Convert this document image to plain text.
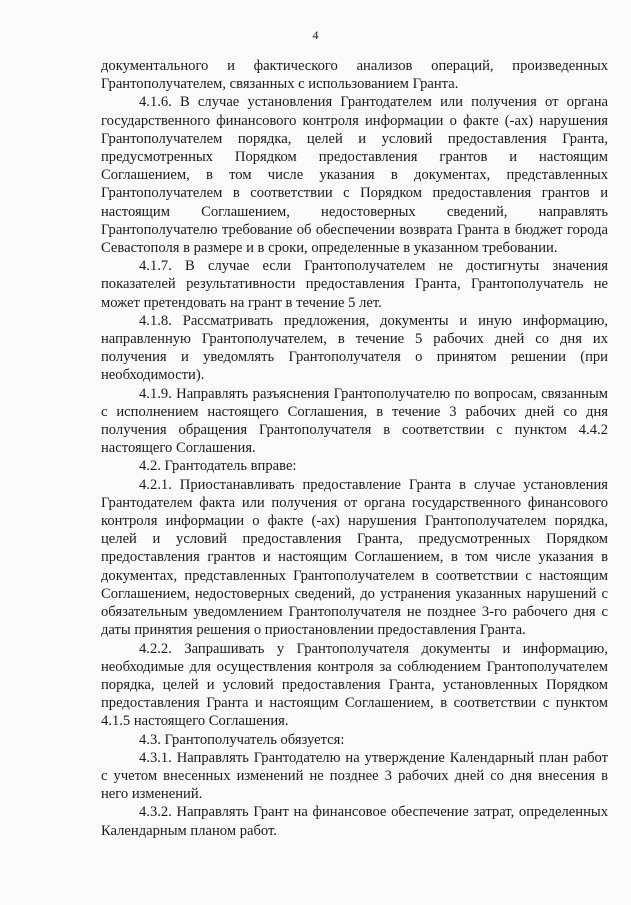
4

документального и фактического анализов операций, произведенных Грантополучателем, связанных с использованием Гранта.

4.1.6. В случае установления Грантодателем или получения от органа государственного финансового контроля информации о факте (-ах) нарушения Грантополучателем порядка, целей и условий предоставления Гранта, предусмотренных Порядком предоставления грантов и настоящим Соглашением, в том числе указания в документах, представленных Грантополучателем в соответствии с Порядком предоставления грантов и настоящим Соглашением, недостоверных сведений, направлять Грантополучателю требование об обеспечении возврата Гранта в бюджет города Севастополя в размере и в сроки, определенные в указанном требовании.

4.1.7. В случае если Грантополучателем не достигнуты значения показателей результативности предоставления Гранта, Грантополучатель не может претендовать на грант в течение 5 лет.

4.1.8. Рассматривать предложения, документы и иную информацию, направленную Грантополучателем, в течение 5 рабочих дней со дня их получения и уведомлять Грантополучателя о принятом решении (при необходимости).

4.1.9. Направлять разъяснения Грантополучателю по вопросам, связанным с исполнением настоящего Соглашения, в течение 3 рабочих дней со дня получения обращения Грантополучателя в соответствии с пунктом 4.4.2 настоящего Соглашения.

4.2. Грантодатель вправе:

4.2.1. Приостанавливать предоставление Гранта в случае установления Грантодателем факта или получения от органа государственного финансового контроля информации о факте (-ах) нарушения Грантополучателем порядка, целей и условий предоставления Гранта, предусмотренных Порядком предоставления грантов и настоящим Соглашением, в том числе указания в документах, представленных Грантополучателем в соответствии с настоящим Соглашением, недостоверных сведений, до устранения указанных нарушений с обязательным уведомлением Грантополучателя не позднее 3-го рабочего дня с даты принятия решения о приостановлении предоставления Гранта.

4.2.2. Запрашивать у Грантополучателя документы и информацию, необходимые для осуществления контроля за соблюдением Грантополучателем порядка, целей и условий предоставления Гранта, установленных Порядком предоставления Гранта и настоящим Соглашением, в соответствии с пунктом 4.1.5 настоящего Соглашения.

4.3. Грантополучатель обязуется:

4.3.1. Направлять Грантодателю на утверждение Календарный план работ с учетом внесенных изменений не позднее 3 рабочих дней со дня внесения в него изменений.

4.3.2. Направлять Грант на финансовое обеспечение затрат, определенных Календарным планом работ.
